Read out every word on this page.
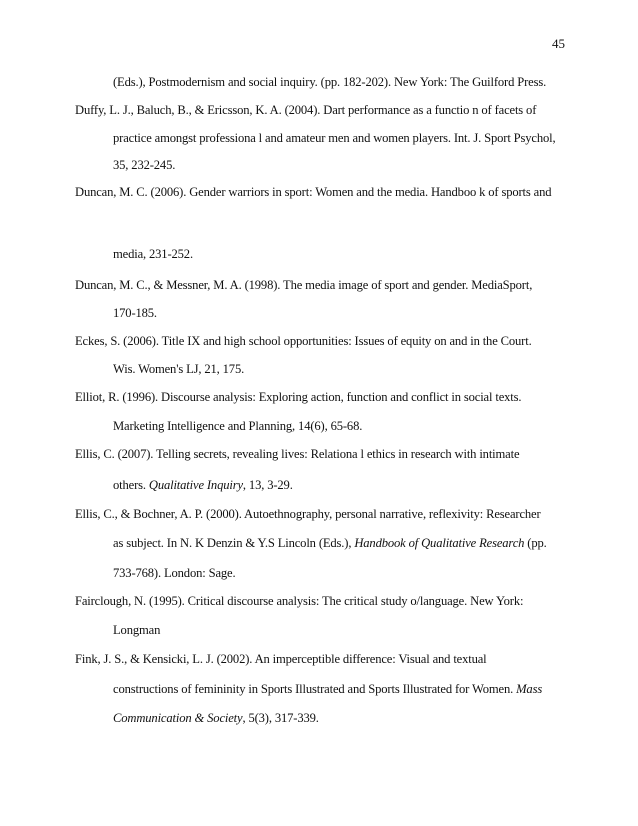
45
(Eds.), Postmodernism and social inquiry. (pp. 182-202). New York: The Guilford Press.
Duffy, L. J., Baluch, B., & Ericsson, K. A. (2004). Dart performance as a functio n of facets of
practice amongst professiona l and amateur men and women players. Int. J. Sport Psychol,
35, 232-245.
Duncan, M. C. (2006). Gender warriors in sport: Women and the media. Handboo k of sports and
media, 231-252.
Duncan, M. C., & Messner, M. A. (1998). The media image of sport and gender. MediaSport,
170-185.
Eckes, S. (2006). Title IX and high school opportunities: Issues of equity on and in the Court.
Wis. Women's LJ, 21, 175.
Elliot, R. (1996). Discourse analysis: Exploring action, function and conflict in social texts.
Marketing Intelligence and Planning, 14(6), 65-68.
Ellis, C. (2007). Telling secrets, revealing lives: Relationa l ethics in research with intimate
others. Qualitative Inquiry, 13, 3-29.
Ellis, C., & Bochner, A. P. (2000). Autoethnography, personal narrative, reflexivity: Researcher
as subject. In N. K Denzin & Y.S Lincoln (Eds.), Handbook of Qualitative Research (pp.
733-768). London: Sage.
Fairclough, N. (1995). Critical discourse analysis: The critical study o/language. New York:
Longman
Fink, J. S., & Kensicki, L. J. (2002). An imperceptible difference: Visual and textual
constructions of femininity in Sports Illustrated and Sports Illustrated for Women. Mass
Communication & Society, 5(3), 317-339.
